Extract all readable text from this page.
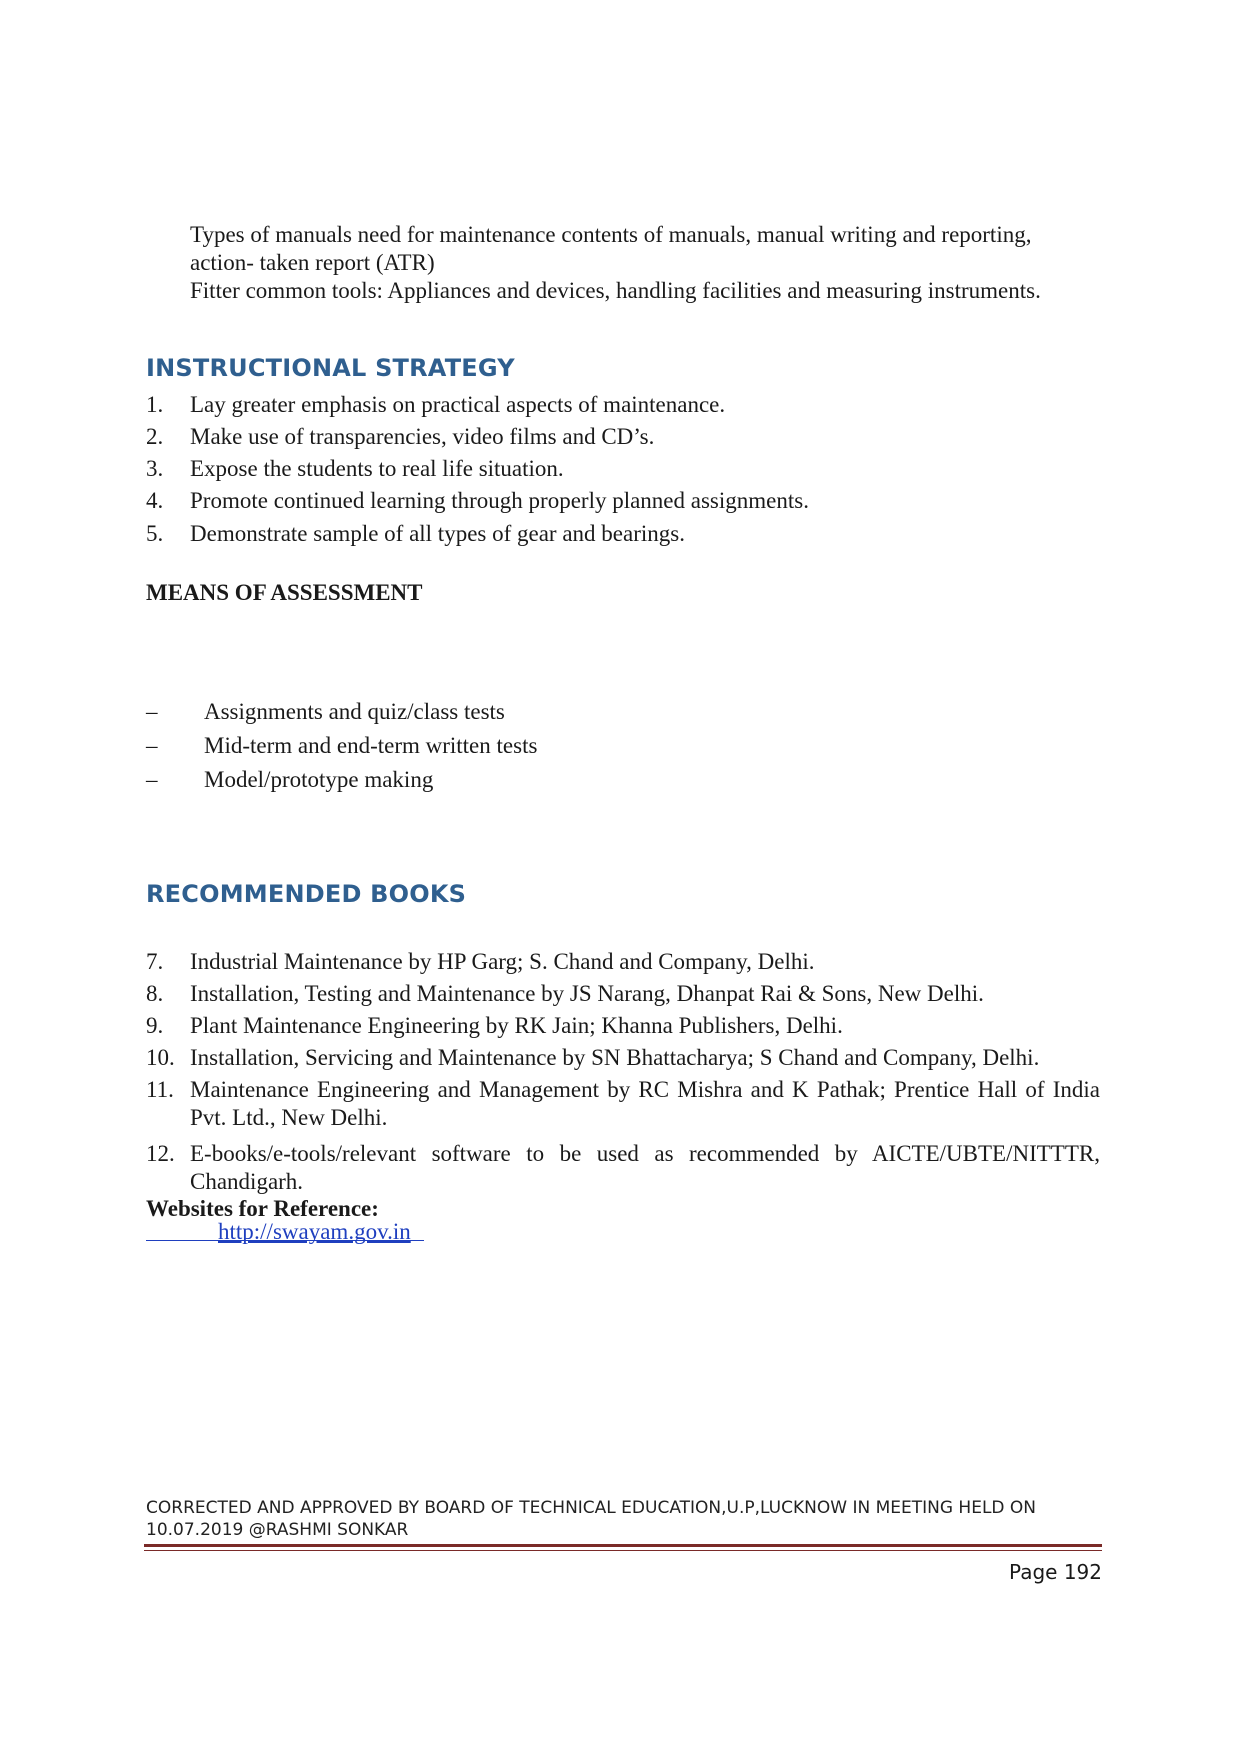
Types of manuals need for maintenance contents of manuals, manual writing and reporting,
action- taken report (ATR)
Fitter common tools: Appliances and devices, handling facilities and measuring instruments.
INSTRUCTIONAL STRATEGY
1.	Lay greater emphasis on practical aspects of maintenance.
2.	Make use of transparencies, video films and CD’s.
3.	Expose the students to real life situation.
4.	Promote continued learning through properly planned assignments.
5.	Demonstrate sample of all types of gear and bearings.
MEANS OF ASSESSMENT
–	Assignments and quiz/class tests
–	Mid-term and end-term written tests
–	Model/prototype making
RECOMMENDED BOOKS
7.	Industrial Maintenance by HP Garg; S. Chand and Company, Delhi.
8.	Installation, Testing and Maintenance by JS Narang, Dhanpat Rai & Sons, New Delhi.
9.	Plant Maintenance Engineering by RK Jain; Khanna Publishers, Delhi.
10. Installation, Servicing and Maintenance by SN Bhattacharya; S Chand and Company, Delhi.
11. Maintenance Engineering and Management by RC Mishra and K Pathak; Prentice Hall of India Pvt. Ltd., New Delhi.
12. E-books/e-tools/relevant software to be used as recommended by AICTE/UBTE/NITTTR, Chandigarh.
Websites for Reference:
http://swayam.gov.in
CORRECTED AND APPROVED BY BOARD OF TECHNICAL EDUCATION,U.P,LUCKNOW IN MEETING HELD ON
10.07.2019 @RASHMI SONKAR
Page 192
